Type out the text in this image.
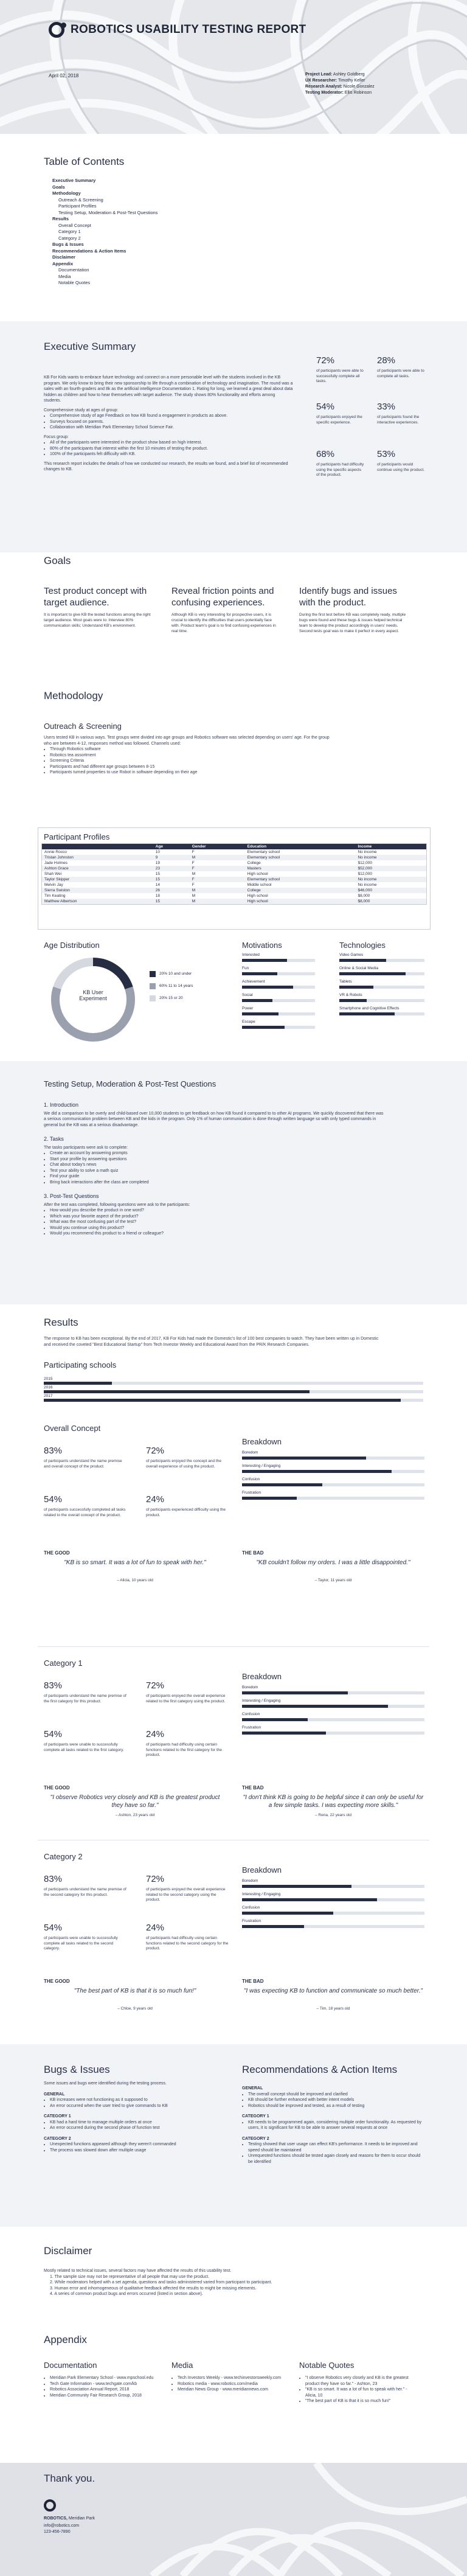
ROBOTICS USABILITY TESTING REPORT
April 02, 2018	Project Lead: Ashley Goldberg
UX Researcher: Timothy Keller
Research Analyst: Nicole Gonzalez
Testing Moderator: Ellis Robinson
Table of Contents
Executive Summary
Goals
Methodology
Outreach & Screening
Participant Profiles
Testing Setup, Moderation & Post-Test Questions
Results
Overall Concept
Category 1
Category 2
Bugs & Issues
Recommendations & Action Items
Disclaimer
Appendix
Documentation
Media
Notable Quotes
Executive Summary

KB For Kids wants to embrace future technology and connect on a more personable level with the students involved in the KB program. We only know to bring their new sponsorship to life through a combination of technology and imagination. The round was a sales with an fourth-graders and 8k as the artificial intelligence Documentation 1. Rating for long, we learned a great deal about data hidden as children and how to hear themselves with target audience. The study shows 80% functionality and efforts among students.

Comprehensive study at ages of group:

• Comprehensive study of age Feedback on how KB found a engagement in products as above.
• Surveys focused on parents.
• Collaboration with Meridian Park Elementary School Science Fair.

Focus group:

• All of the participants were interested in the product show based on high interest.
• 80% of the participants that interest within the first 10 minutes of testing the product.
• 100% of the participants felt difficulty with KB.

This research report includes the details of how we conducted our research, the results we found, and a brief list of recommended changes to KB.

72%
of participants were able to successfully complete all tasks.
28%
of participants were able to complete all tasks.
54%
of participants enjoyed the specific experience.
33%
of participants found the interactive experiences.
68%
of participants had difficulty using the specific aspects of the product.
53%
of participants would continue using the product.
Goals
Methodology
Outreach & Screening

Users tested KB in various ways. Test groups were divided into age groups and Robotics software was selected depending on users' age. For the group who are between 4-12, responses method was followed. Channels used:

• Through Robotics software
• Robotics tea assortment
• Screening Criteria
• Participants and had different age groups between 8-15
• Participants turned properties to use Robot in software depending on their age
Participant Profiles
	Age	Gender	Education	Income
Annie Rocco	10	F	Elementary school	No income
Tristan Johnston	9	M	Elementary school	No income
Jade Holmes	19	F	College	$12,000
Ashton Grace	23	F	Masters	$52,000
Shah Wei	15	M	High school	$12,000
Taylor Skipper	15	F	Elementary school	No income
Melvin Jay	14	F	Middle school	No income
Sierra Swiston	26	M	College	$46,000
Tim Keating	18	M	High school	$8,000
Matthew Albertson	15	M	High school	$8,000
Age Distribution
KB User Experiment
Motivations	Technologies
Testing Setup, Moderation & Post-Test Questions

1. Introduction

We did a comparison to be overly and child-based over 10,000 students to get feedback on how KB found it compared to to other AI programs. We quickly discovered that there was a serious communication problem between KB and the kids in the program. Only 1% of human communication is done through written language so with only typed commands in general but the KB was at a serious disadvantage.

2. Tasks

The tasks participants were ask to complete:

• Create an account by answering prompts
• Start your profile by answering questions
• Chat about today's news
• Test your ability to solve a math quiz
• Find your guide
• Bring back interactions after the class are completed

3. Post-Test Questions

After the test was completed, following questions were ask to the participants:

• How would you describe the product in one word?
• Which was your favorite aspect of the product?
• What was the most confusing part of the test?
• Would you continue using this product?
• Would you recommend this product to a friend or colleague?
Results
The response to KB has been exceptional. By the end of 2017, KB For Kids had made the Domestic's list of 100 best companies to watch. They have been written up in Domestic and received the coveted "Best Educational Startup" from Tech Investor Weekly and Educational Award from the PR/K Research Companies.
Participating schools
Bugs & Issues

Some issues and bugs were identified during the testing process.

GENERAL

• KB increases were not functioning as it supposed to
• An error occurred when the user tried to give commands to KB

CATEGORY 1

• KB had a hard time to manage multiple orders at once
• An error occurred during the second phase of function test

CATEGORY 2

• Unexpected functions appeared although they weren't commanded
• The process was slowed down after multiple usage
Recommendations & Action Items

GENERAL

• The overall concept should be improved and clarified
• KB should be further enhanced with better intent models
• Robotics should be improved and tested, as a result of testing

CATEGORY 1

• KB needs to be programmed again, considering multiple order functionality. As requested by users, it is significant for KB to be able to answer several requests at once

CATEGORY 2

• Testing showed that user usage can effect KB's performance. It needs to be improved and speed should be maintained
• Unrequested functions should be tested again closely and reasons for them to occur should be identified
Disclaimer

Mostly related to technical issues, several factors may have affected the results of this usability test.

1. The sample size may not be representative of all people that may use the product.

2. While moderators helped with a set agenda, questions and tasks administered varied from participant to participant.

3. Human error and inhomogeneous of qualitative feedback affected the results to might be missing elements.

4. A series of common product bugs and errors occurred (listed in section above).

Appendix
Thank you.
ROBOTICS, Meridian Park
info@robotics.com
123-456-7890
Test product concept with target audience.
It is important to give KB the tested functions among the right target audience. Most goals were to: Interview 80% communication skills; Understand KB's environment.
Reveal friction points and confusing experiences.
Although KB is very interesting for prospective users, it is crucial to identify the difficulties that users potentially face with. Product team's goal is to find confusing experiences in real time.
Identify bugs and issues with the product.
During the first test before KB was completely ready, multiple bugs were found and these bugs & issues helped technical team to develop the product accordingly in users' needs. Second tests goal was to make it perfect in every aspect.
20% 10 and under
60% 11 to 14 years
20% 15 or 20
Interested
Fun
Achievement
Social
Power
Escape
Video Games
Online & Social Media
Tablets
VR & Robots
Smartphone and Cognitive Effects
2015
2016
2017
Overall Concept
83%
of participants understand the name premise and overall concept of the product.
72%
of participants enjoyed the concept and the overall experience of using the product.
54%
of participants successfully completed all tasks related to the overall concept of the product.
24%
of participants experienced difficulty using the product.
Breakdown
Boredom
Interesting / Engaging
Confusion
Frustration
THE GOOD
"KB is so smart. It was a lot of fun to speak with her."
– Alicia, 10 years old
THE BAD
"KB couldn't follow my orders. I was a little disappointed."
– Taylor, 11 years old
Category 1
83%
of participants understand the name premise of the first category for this product.
72%
of participants enjoyed the overall experience related to the first category using the product.
54%
of participants were unable to successfully complete all tasks related to the first category.
24%
of participants had difficulty using certain functions related to the first category for the product.
Breakdown
Boredom
Interesting / Engaging
Confusion
Frustration
THE GOOD
"I observe Robotics very closely and KB is the greatest product they have so far."
– Ashton, 23 years old
THE BAD
"I don't think KB is going to be helpful since it can only be useful for a few simple tasks. I was expecting more skills."
– Rena, 22 years old
Category 2
83%
of participants understand the name premise of the second category for this product.
72%
of participants enjoyed the overall experience related to the second category using the product.
54%
of participants were unable to successfully complete all tasks related to the second category.
24%
of participants had difficulty using certain functions related to the second category for the product.
Breakdown
Boredom
Interesting / Engaging
Confusion
Frustration
THE GOOD
"The best part of KB is that it is so much fun!"
– Chloe, 9 years old
THE BAD
"I was expecting KB to function and communicate so much better."
– Tim, 18 years old
Documentation
• Meridian Park Elementary School - www.mpschool.edu
• Tech Gate Information - www.techgate.com/kb
• Robotics Association Annual Report, 2018
• Meridian Community Fair Research Group, 2018
Media
• Tech Investors Weekly - www.techinvestorsweekly.com
• Robotics media - www.robotics.com/media
• Meridian News Group - www.meridiannews.com
Notable Quotes
• "I observe Robotics very closely and KB is the greatest product they have so far." - Ashton, 23
• "KB is so smart. It was a lot of fun to speak with her." - Alicia, 10
• "The best part of KB is that it is so much fun!"
